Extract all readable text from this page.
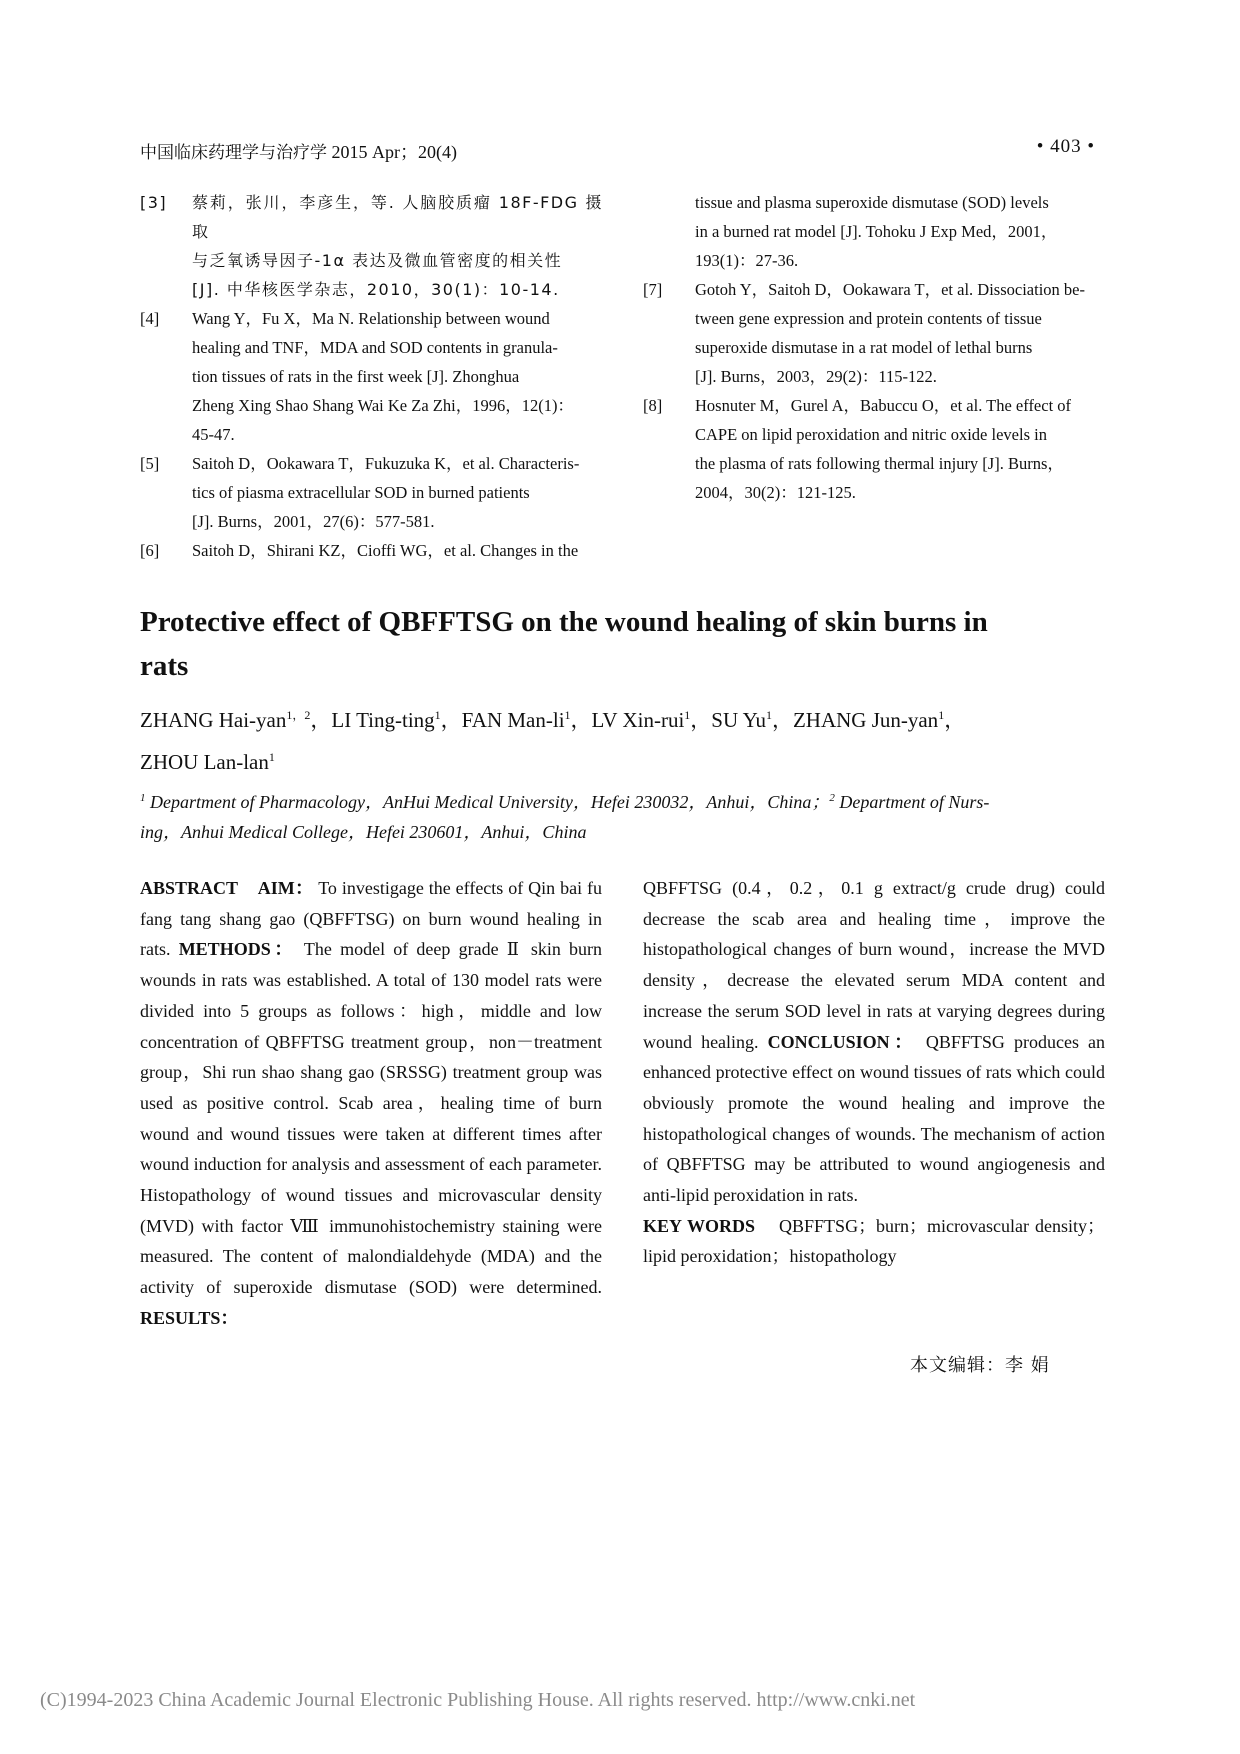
中国临床药理学与治疗学 2015 Apr；20(4)	• 403 •
[3]	蔡莉，张川，李彦生，等. 人脑胶质瘤 18F-FDG 摄取
与乏氧诱导因子-1α 表达及微血管密度的相关性
[J]. 中华核医学杂志，2010，30(1)：10-14.
[4]	Wang Y，Fu X，Ma N. Relationship between wound
healing and TNF，MDA and SOD contents in granula-
tion tissues of rats in the first week [J]. Zhonghua
Zheng Xing Shao Shang Wai Ke Za Zhi，1996，12(1)：
45-47.
[5]	Saitoh D，Ookawara T，Fukuzuka K，et al. Characteris-
tics of piasma extracellular SOD in burned patients
[J]. Burns，2001，27(6)：577-581.
[6]	Saitoh D，Shirani KZ，Cioffi WG，et al. Changes in the
tissue and plasma superoxide dismutase (SOD) levels
in a burned rat model [J]. Tohoku J Exp Med，2001，
193(1)：27-36.
[7]	Gotoh Y，Saitoh D，Ookawara T，et al. Dissociation be-
tween gene expression and protein contents of tissue
superoxide dismutase in a rat model of lethal burns
[J]. Burns，2003，29(2)：115-122.
[8]	Hosnuter M，Gurel A，Babuccu O，et al. The effect of
CAPE on lipid peroxidation and nitric oxide levels in
the plasma of rats following thermal injury [J]. Burns，
2004，30(2)：121-125.
Protective effect of QBFFTSG on the wound healing of skin burns in
rats
ZHANG Hai-yan$^{1,2}$，LI Ting-ting$^1$，FAN Man-$li^1$，LV Xin-rui$^1$，SU Yu$^1$，ZHANG Jun-yan$^1$，
ZHOU Lan-lan$^1$
$^1$ Department of Pharmacology，AnHui Medical University，Hefei 230032，Anhui，China；$^2$ Department of Nurs-
ing，Anhui Medical College，Hefei 230601，Anhui，China
ABSTRACT AIM： To investigage the effects of Qin bai fu fang tang shang gao (QBFFTSG) on burn wound healing in rats. METHODS： The model of deep grade Ⅱ skin burn wounds in rats was established. A total of 130 model rats were divided into 5 groups as follows：high，middle and low concentration of QBFFTSG treatment group，non－treatment group，Shi run shao shang gao (SRSSG) treatment group was used as positive control. Scab area，healing time of burn wound and wound tissues were taken at different times after wound induction for analysis and assessment of each parameter. Histopathology of wound tissues and microvascular density (MVD) with factor Ⅷ immunohistochemistry staining were measured. The content of malondialdehyde (MDA) and the activity of superoxide dismutase (SOD) were determined. RESULTS：
QBFFTSG (0.4，0.2，0.1 g extract/g crude drug) could decrease the scab area and healing time，improve the histopathological changes of burn wound，increase the MVD density，decrease the elevated serum MDA content and increase the serum SOD level in rats at varying degrees during wound healing. CONCLUSION： QBFFTSG produces an enhanced protective effect on wound tissues of rats which could obviously promote the wound healing and improve the histopathological changes of wounds. The mechanism of action of QBFFTSG may be attributed to wound angiogenesis and anti-lipid peroxidation in rats.
KEY WORDS QBFFTSG；burn；microvascular density；lipid peroxidation；histopathology
本文编辑：李 娟
(C)1994-2023 China Academic Journal Electronic Publishing House. All rights reserved. http://www.cnki.net
